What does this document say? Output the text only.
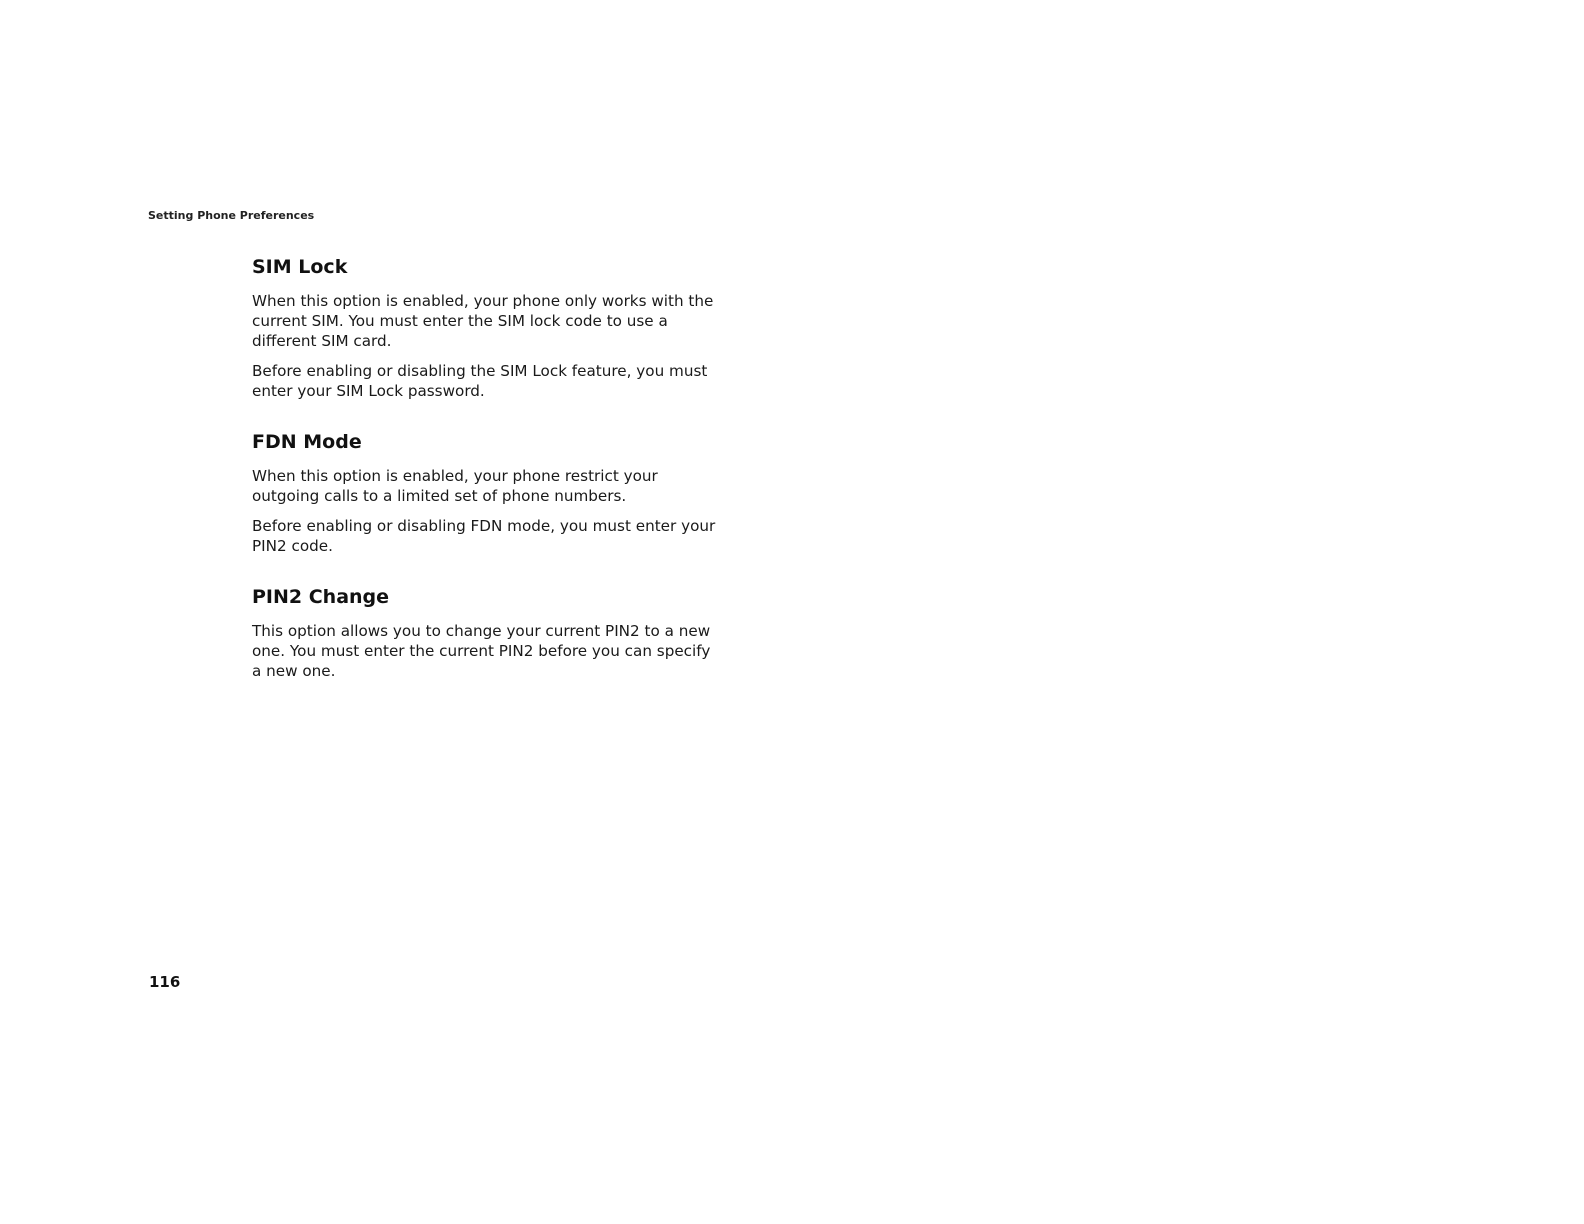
Setting Phone Preferences
SIM Lock

When this option is enabled, your phone only works with the current SIM. You must enter the SIM lock code to use a different SIM card.

Before enabling or disabling the SIM Lock feature, you must enter your SIM Lock password.

FDN Mode

When this option is enabled, your phone restrict your outgoing calls to a limited set of phone numbers.

Before enabling or disabling FDN mode, you must enter your PIN2 code.

PIN2 Change

This option allows you to change your current PIN2 to a new one. You must enter the current PIN2 before you can specify a new one.

116
